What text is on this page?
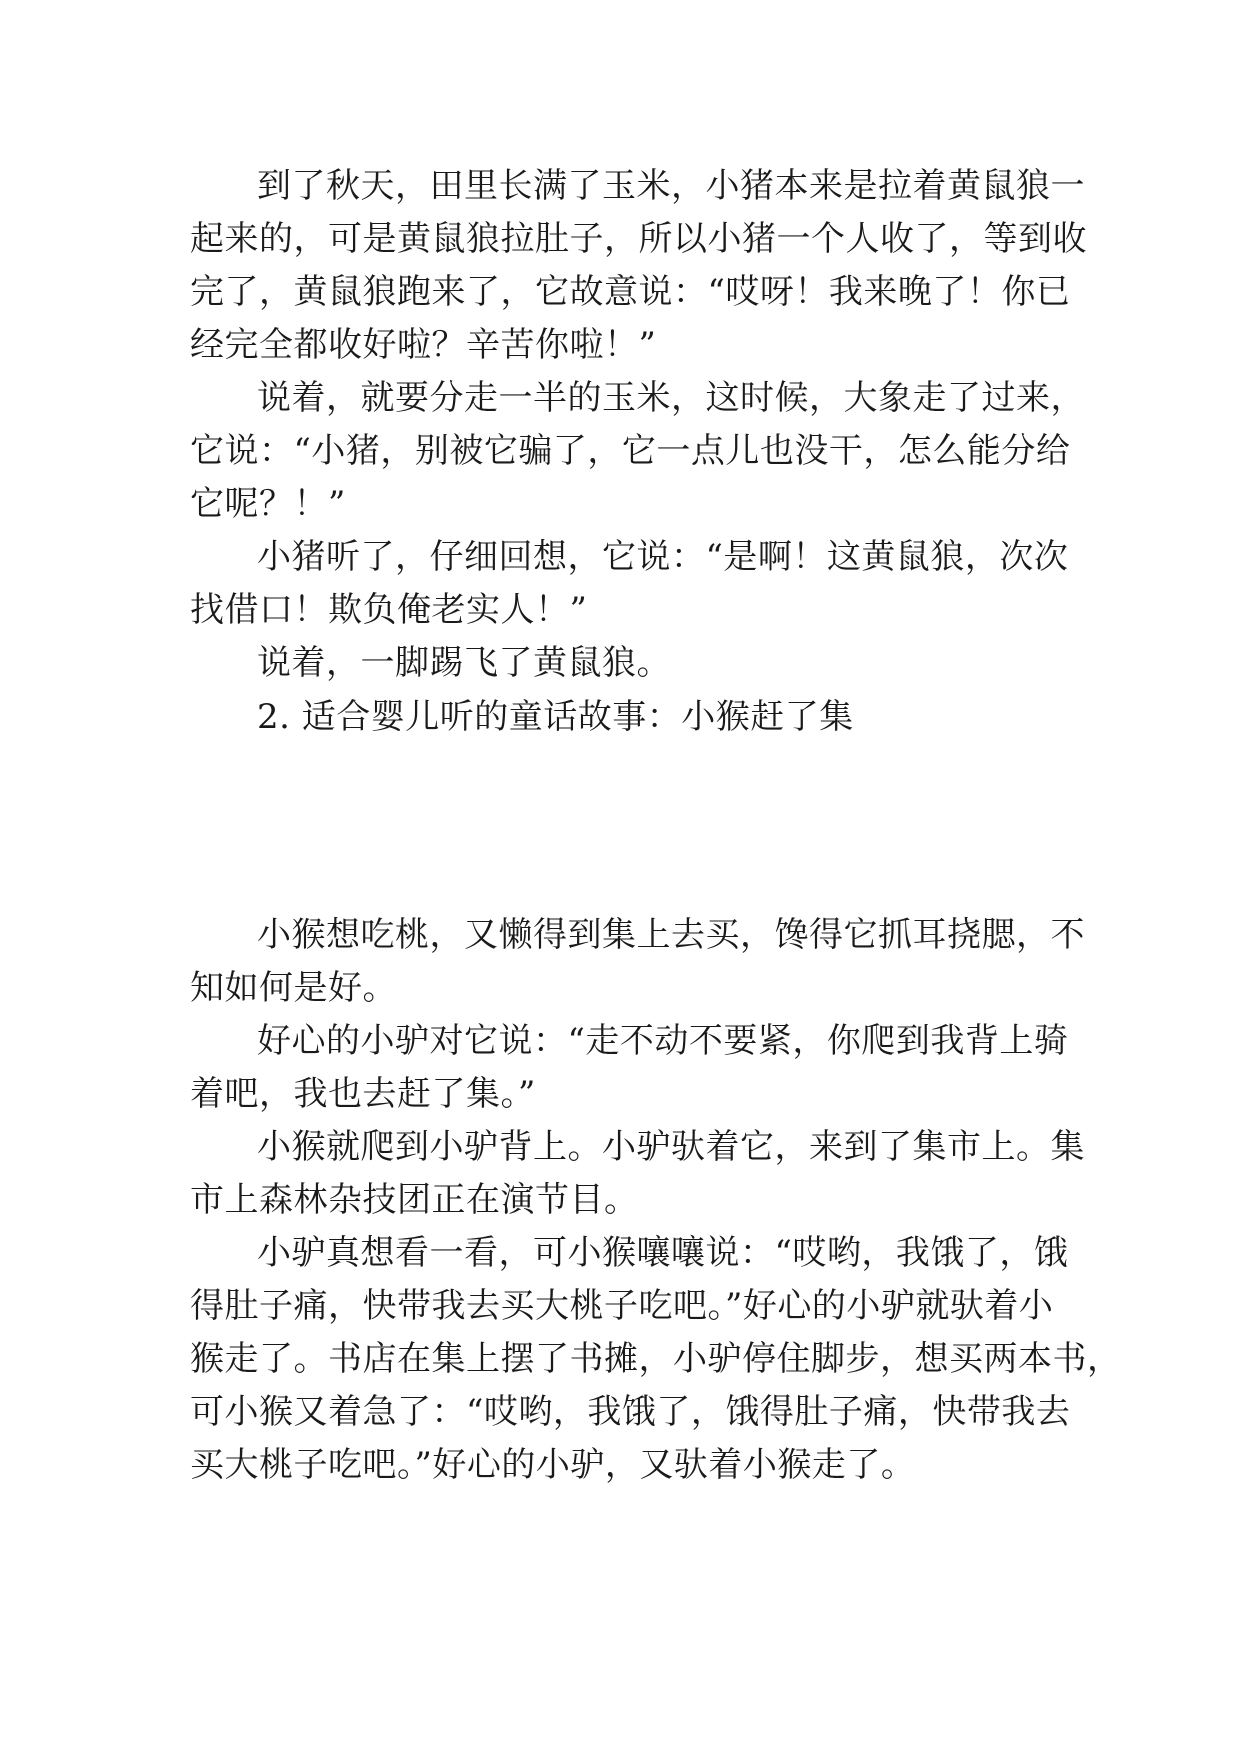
到了秋天，田里长满了玉米，小猪本来是拉着黄鼠狼一
起来的，可是黄鼠狼拉肚子，所以小猪一个人收了，等到收
完了，黄鼠狼跑来了，它故意说：“哎呀！我来晚了！你已
经完全都收好啦？辛苦你啦！”
说着，就要分走一半的玉米，这时候，大象走了过来，
它说：“小猪，别被它骗了，它一点儿也没干，怎么能分给
它呢？！”
小猪听了，仔细回想，它说：“是啊！这黄鼠狼，次次
找借口！欺负俺老实人！”
说着，一脚踢飞了黄鼠狼。
2. 适合婴儿听的童话故事：小猴赶了集
小猴想吃桃，又懒得到集上去买，馋得它抓耳挠腮，不
知如何是好。
好心的小驴对它说：“走不动不要紧，你爬到我背上骑
着吧，我也去赶了集。”
小猴就爬到小驴背上。小驴驮着它，来到了集市上。集
市上森林杂技团正在演节目。
小驴真想看一看，可小猴嚷嚷说：“哎哟，我饿了，饿
得肚子痛，快带我去买大桃子吃吧。”好心的小驴就驮着小
猴走了。书店在集上摆了书摊，小驴停住脚步，想买两本书，
可小猴又着急了：“哎哟，我饿了，饿得肚子痛，快带我去
买大桃子吃吧。”好心的小驴，又驮着小猴走了。
